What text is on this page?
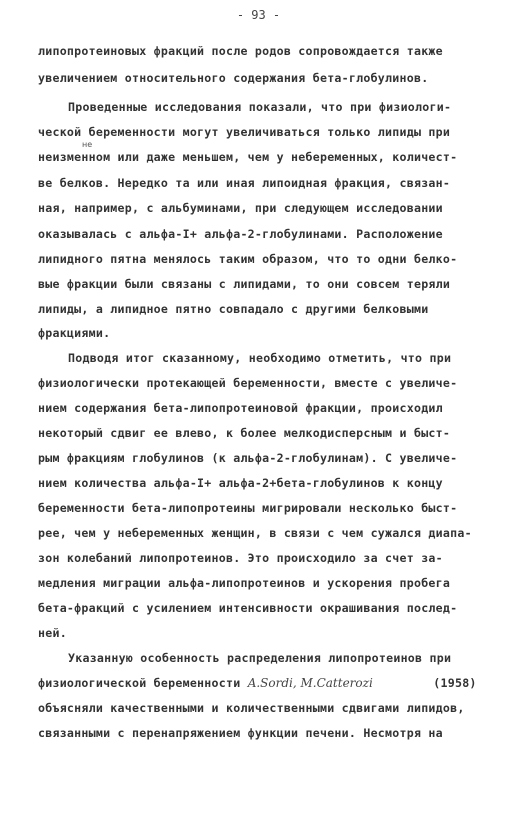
- 93 -
липопротеиновых фракций после родов сопровождается также
увеличением относительного содержания бета-глобулинов.
Проведенные исследования показали, что при физиологи-
ческой беременности могут увеличиваться только липиды при
не
неизменном или даже меньшем, чем у небеременных, количест-
ве белков. Нередко та или иная липоидная фракция, связан-
ная, например, с альбуминами, при следующем исследовании
оказывалась с альфа-I+ альфа-2-глобулинами. Расположение
липидного пятна менялось таким образом, что то одни белко-
вые фракции были связаны с липидами, то они совсем теряли
липиды, а липидное пятно совпадало с другими белковыми
фракциями.
Подводя итог сказанному, необходимо отметить, что при
физиологически протекающей беременности, вместе с увеличе-
нием содержания бета-липопротеиновой фракции, происходил
некоторый сдвиг ее влево, к более мелкодисперсным и быст-
рым фракциям глобулинов (к альфа-2-глобулинам). С увеличе-
нием количества альфа-I+ альфа-2+бета-глобулинов к концу
беременности бета-липопротеины мигрировали несколько быст-
рее, чем у небеременных женщин, в связи с чем сужался диапа-
зон колебаний липопротеинов. Это происходило за счет за-
медления миграции альфа-липопротеинов и ускорения пробега
бета-фракций с усилением интенсивности окрашивания послед-
ней.
Указанную особенность распределения липопротеинов при
физиологической беременности A.Sordi, M.Catterozi	(1958)
объясняли качественными и количественными сдвигами липидов,
связанными с перенапряжением функции печени. Несмотря на
